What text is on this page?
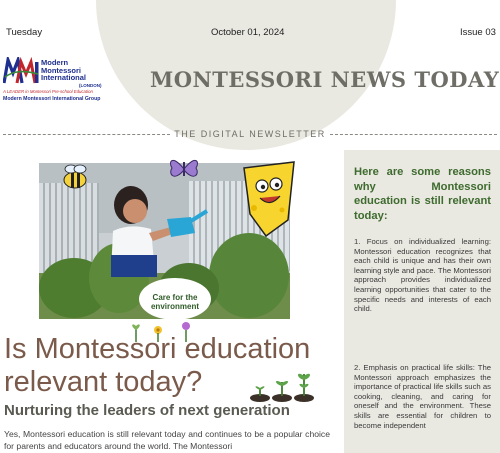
Tuesday	October 01, 2024	Issue 03
Modern
Montessori
International
(LONDON)
A LEADER in Montessori Pre-school Education
Modern Montessori International Group
MONTESSORI NEWS TODAY
THE DIGITAL NEWSLETTER
Care for the
environment
Is Montessori education
relevant today?
Nurturing the leaders of next generation
Yes, Montessori education is still relevant today and continues to be a popular choice for parents and educators around the world. The Montessori
Here are some reasons why Montessori education is still relevant today:
1. Focus on individualized learning: Montessori education recognizes that each child is unique and has their own learning style and pace. The Montessori approach provides individualized learning opportunities that cater to the specific needs and interests of each child.
2. Emphasis on practical life skills: The Montessori approach emphasizes the importance of practical life skills such as cooking, cleaning, and caring for oneself and the environment. These skills are essential for children to become independent
